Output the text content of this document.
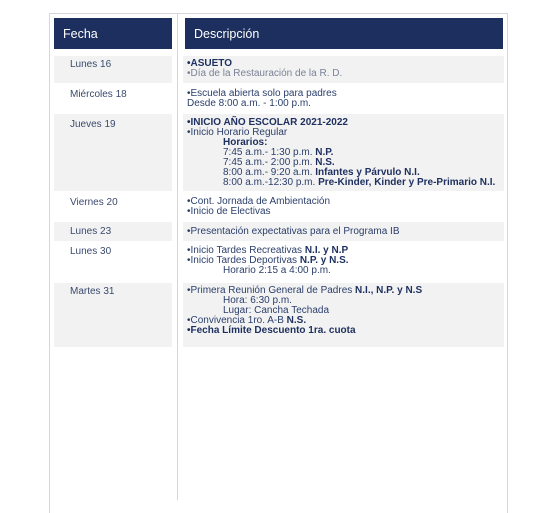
Fecha	Descripción
Lunes 16	•ASUETO
•Día de la Restauración de la R. D.
Miércoles 18	•Escuela abierta solo para padres
Desde 8:00 a.m. - 1:00 p.m.
Jueves 19	•INICIO AÑO ESCOLAR 2021-2022
•Inicio Horario Regular
Horarios:
7:45 a.m.- 1:30 p.m. N.P.
7:45 a.m.- 2:00 p.m. N.S.
8:00 a.m.- 9:20 a.m. Infantes y Párvulo N.I.
8:00 a.m.-12:30 p.m. Pre-Kinder, Kinder y Pre-Primario N.I.
Viernes 20	•Cont. Jornada de Ambientación
•Inicio de Electivas
Lunes 23	•Presentación expectativas para el Programa IB
Lunes 30	•Inicio Tardes Recreativas N.I. y N.P
•Inicio Tardes Deportivas N.P. y N.S.
Horario 2:15 a 4:00 p.m.
Martes 31	•Primera Reunión General de Padres N.I., N.P. y N.S
Hora: 6:30 p.m.
Lugar: Cancha Techada
•Convivencia 1ro. A-B N.S.
•Fecha Límite Descuento 1ra. cuota
